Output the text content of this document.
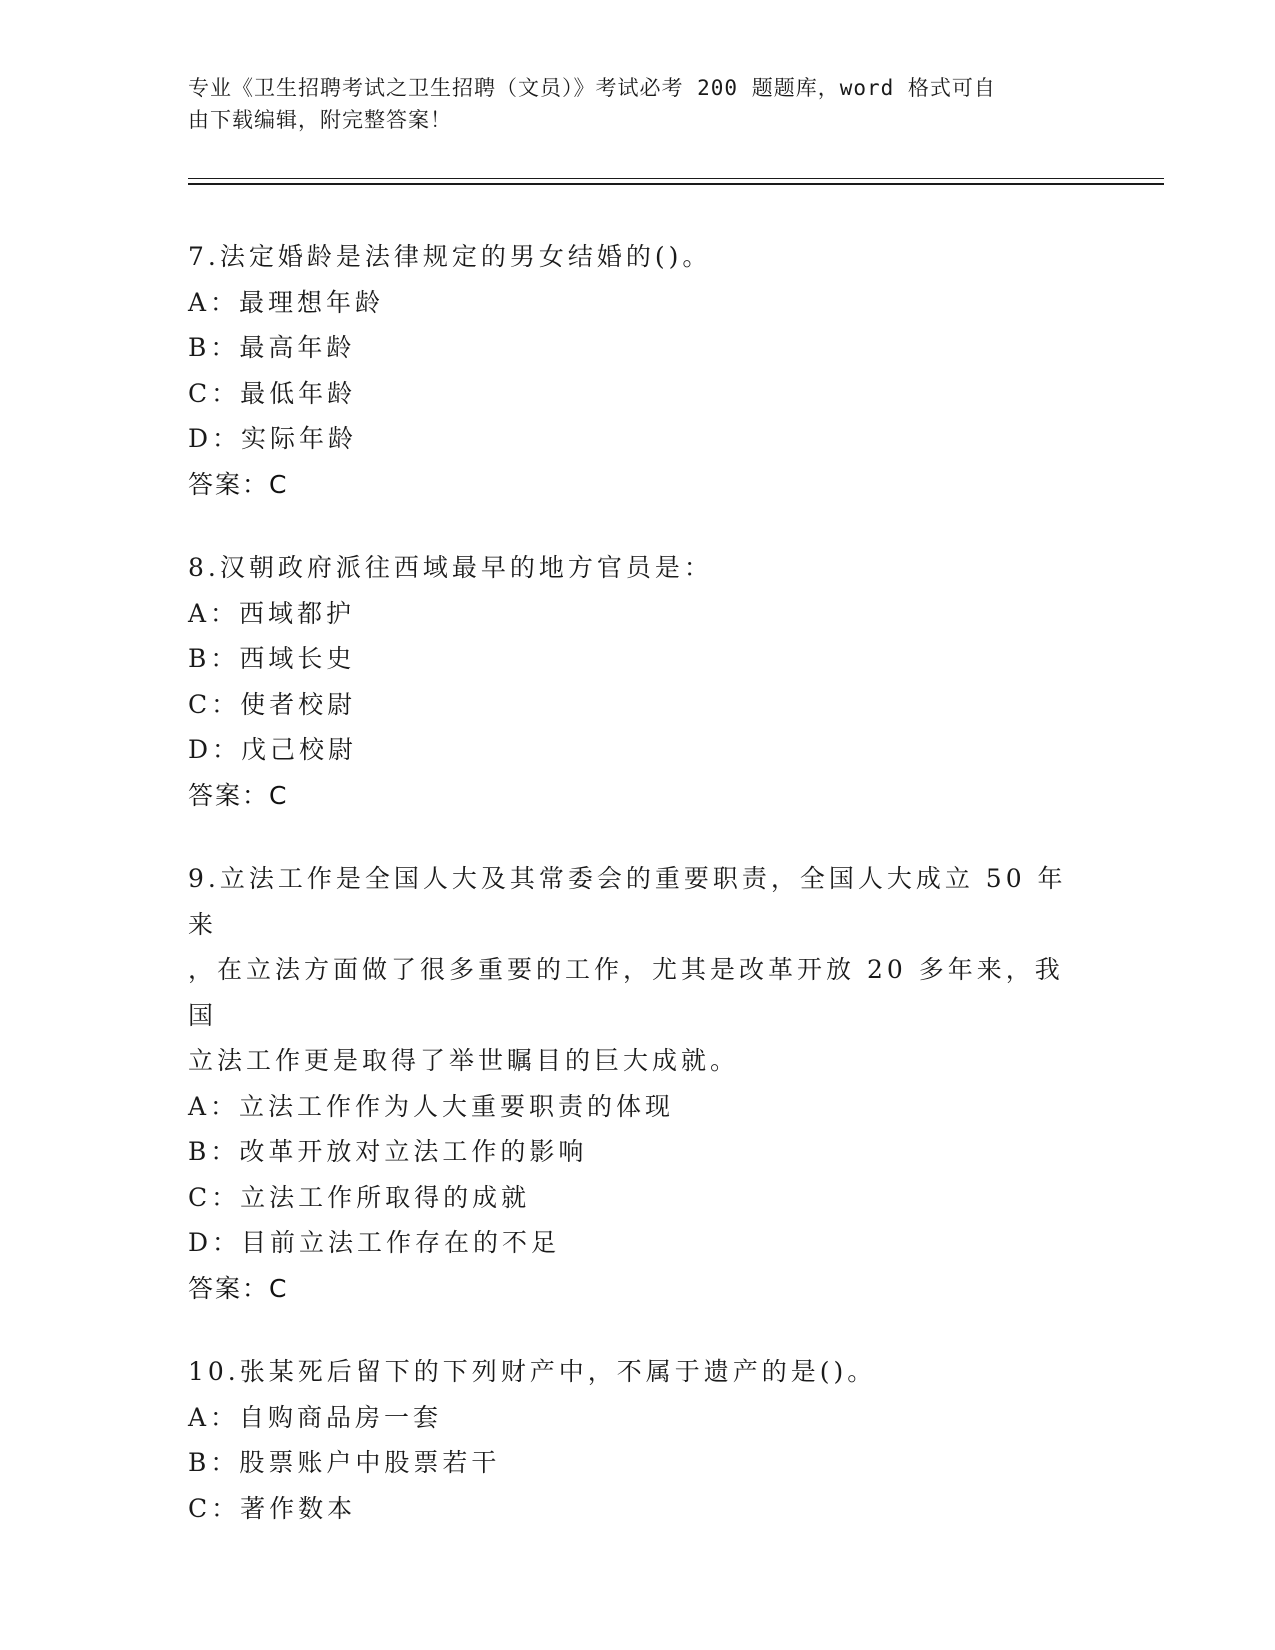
专业《卫生招聘考试之卫生招聘（文员）》考试必考 200 题题库，word 格式可自
由下载编辑，附完整答案！
7.法定婚龄是法律规定的男女结婚的()。
A：最理想年龄
B：最高年龄
C：最低年龄
D：实际年龄
答案：C
8.汉朝政府派往西域最早的地方官员是：
A：西域都护
B：西域长史
C：使者校尉
D：戊己校尉
答案：C
9.立法工作是全国人大及其常委会的重要职责，全国人大成立 50 年来
，在立法方面做了很多重要的工作，尤其是改革开放 20 多年来，我国
立法工作更是取得了举世瞩目的巨大成就。
A：立法工作作为人大重要职责的体现
B：改革开放对立法工作的影响
C：立法工作所取得的成就
D：目前立法工作存在的不足
答案：C
10.张某死后留下的下列财产中，不属于遗产的是()。
A：自购商品房一套
B：股票账户中股票若干
C：著作数本
